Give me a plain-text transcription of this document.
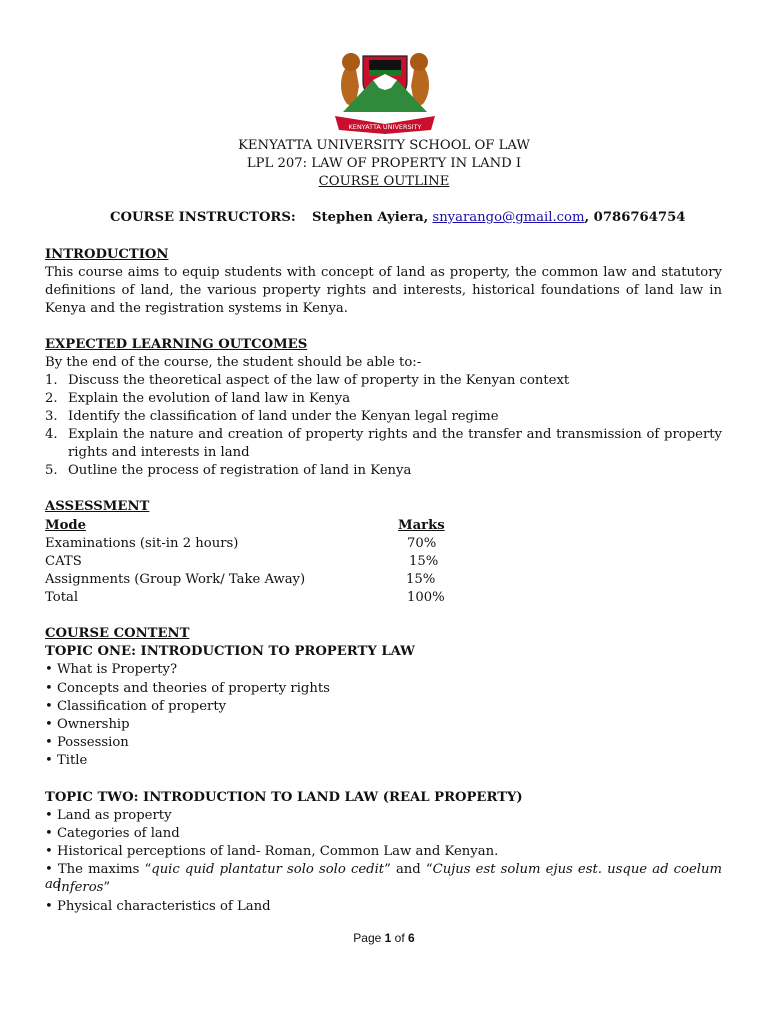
KENYATTA UNIVERSITY
KENYATTA UNIVERSITY SCHOOL OF LAW
LPL 207: LAW OF PROPERTY IN LAND I
COURSE OUTLINE
COURSE INSTRUCTORS: Stephen Ayiera, snyarango@gmail.com, 0786764754
INTRODUCTION
This course aims to equip students with concept of land as property, the common law and statutory
definitions of land, the various property rights and interests, historical foundations of land law in
Kenya and the registration systems in Kenya.
EXPECTED LEARNING OUTCOMES
By the end of the course, the student should be able to:-
1. Discuss the theoretical aspect of the law of property in the Kenyan context
2. Explain the evolution of land law in Kenya
3. Identify the classification of land under the Kenyan legal regime
4. Explain the nature and creation of property rights and the transfer and transmission of property
rights and interests in land
5. Outline the process of registration of land in Kenya
ASSESSMENT
Mode	Marks
Examinations (sit-in 2 hours)	70%
CATS	15%
Assignments (Group Work/ Take Away)	15%
Total	100%
COURSE CONTENT
TOPIC ONE: INTRODUCTION TO PROPERTY LAW
• What is Property?
• Concepts and theories of property rights
• Classification of property
• Ownership
• Possession
• Title
TOPIC TWO: INTRODUCTION TO LAND LAW (REAL PROPERTY)
• Land as property
• Categories of land
• Historical perceptions of land- Roman, Common Law and Kenyan.
• The maxims “quic quid plantatur solo solo cedit” and “Cujus est solum ejus est. usque ad coelum ad
inferos”
• Physical characteristics of Land
Page 1 of 6
